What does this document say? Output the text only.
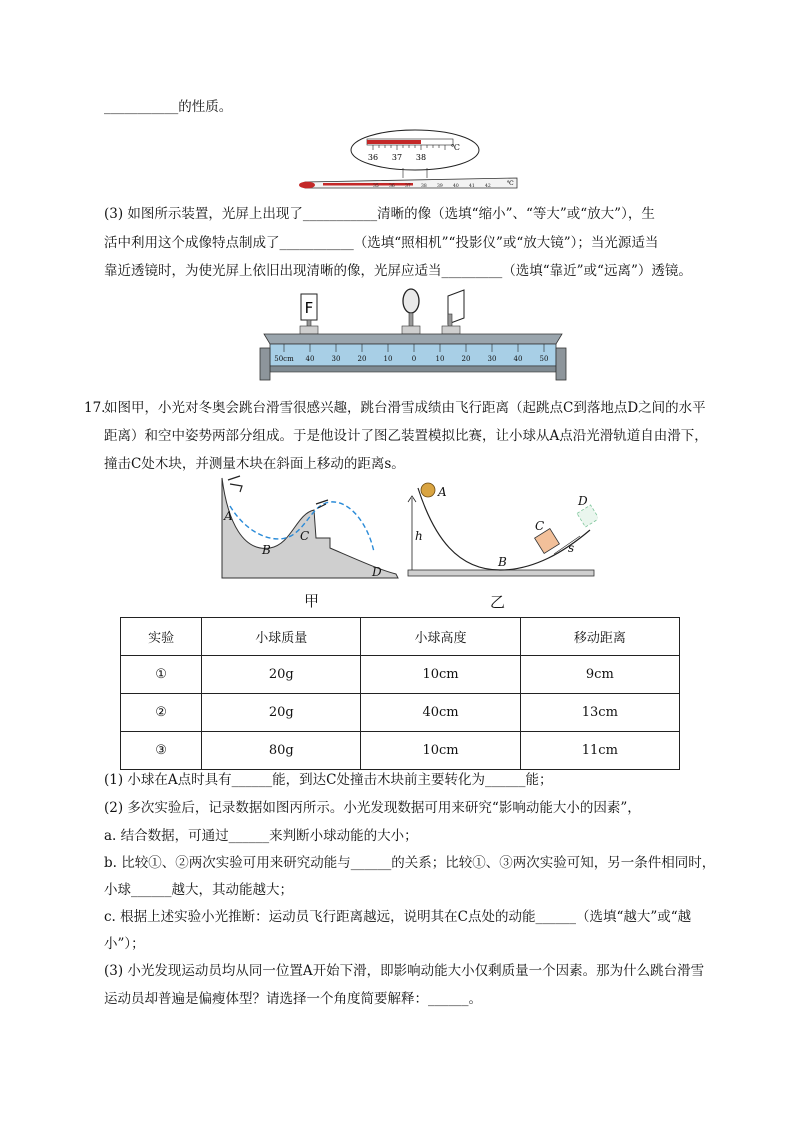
___________的性质。
36 37 38
℃
35 36 37 38 39 40 41 42	℃
(3) 如图所示装置，光屏上出现了___________清晰的像（选填“缩小”、“等大”或“放大”），生
活中利用这个成像特点制成了___________（选填“照相机”“投影仪”或“放大镜”）；当光源适当
靠近透镜时，为使光屏上依旧出现清晰的像，光屏应适当_________（选填“靠近”或“远离”）透镜。
F
50cm 40 30 20 10	0	10 20 30 40 50
17.
如图甲，小光对冬奥会跳台滑雪很感兴趣，跳台滑雪成绩由飞行距离（起跳点C到落地点D之间的水平
距离）和空中姿势两部分组成。于是他设计了图乙装置模拟比赛，让小球从A点沿光滑轨道自由滑下，
撞击C处木块，并测量木块在斜面上移动的距离s。
A
B
C
D
甲
A
h
B
C
D
s
乙
实验	小球质量	小球高度	移动距离
①	20g	10cm	9cm
②	20g	40cm	13cm
③	80g	10cm	11cm
(1) 小球在A点时具有______能，到达C处撞击木块前主要转化为______能；
(2) 多次实验后，记录数据如图丙所示。小光发现数据可用来研究“影响动能大小的因素”，
a. 结合数据，可通过______来判断小球动能的大小；
b. 比较①、②两次实验可用来研究动能与______的关系；比较①、③两次实验可知，另一条件相同时，
小球______越大，其动能越大；
c. 根据上述实验小光推断：运动员飞行距离越远，说明其在C点处的动能______（选填“越大”或“越
小”）；
(3) 小光发现运动员均从同一位置A开始下滑，即影响动能大小仅剩质量一个因素。那为什么跳台滑雪
运动员却普遍是偏瘦体型？请选择一个角度简要解释：______。
